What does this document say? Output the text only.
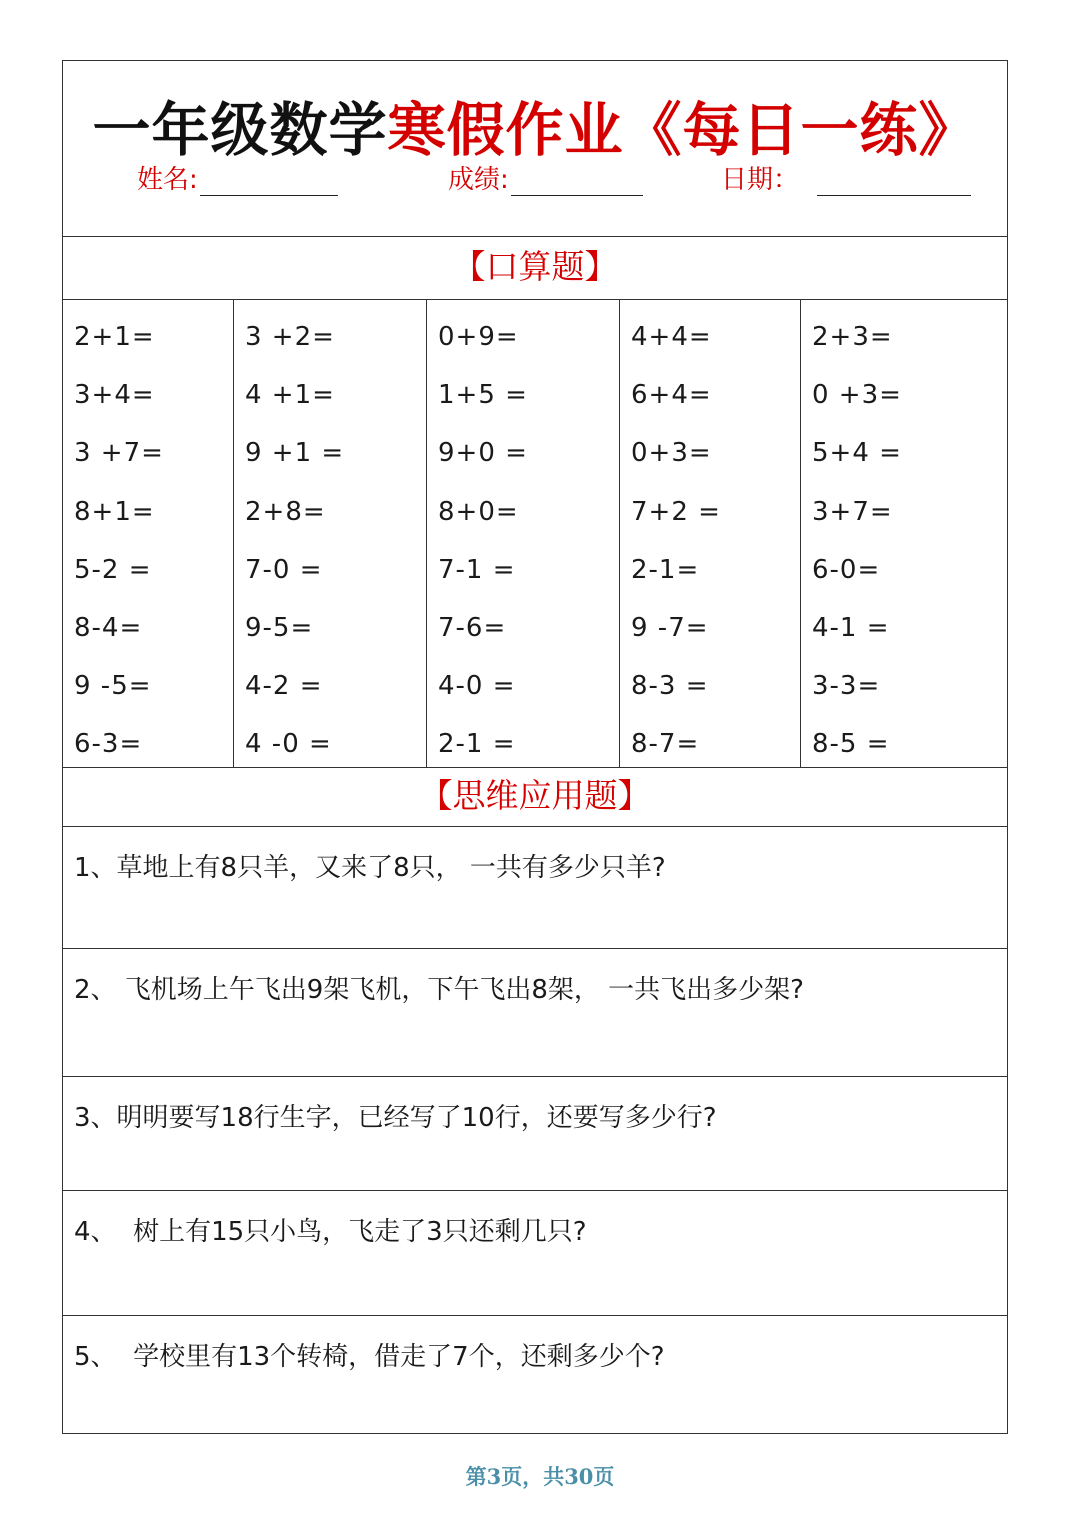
一年级数学寒假作业《每日一练》
姓名:	成绩:	日期：
【口算题】
2+1=
3+4=
3 +7=
8+1=
5-2 =
8-4=
9 -5=
6-3=
3 +2=
4 +1=
9 +1 =
2+8=
7-0 =
9-5=
4-2 =
4 -0 =
0+9=
1+5 =
9+0 =
8+0=
7-1 =
7-6=
4-0 =
2-1 =
4+4=
6+4=
0+3=
7+2 =
2-1=
9 -7=
8-3 =
8-7=
2+3=
0 +3=
5+4 =
3+7=
6-0=
4-1 =
3-3=
8-5 =
【思维应用题】
1、草地上有8只羊，又来了8只， 一共有多少只羊?
2、 飞机场上午飞出9架飞机，下午飞出8架， 一共飞出多少架?
3、明明要写18行生字，已经写了10行，还要写多少行?
4、  树上有15只小鸟，飞走了3只还剩几只?
5、  学校里有13个转椅，借走了7个，还剩多少个?
第3页，共30页
